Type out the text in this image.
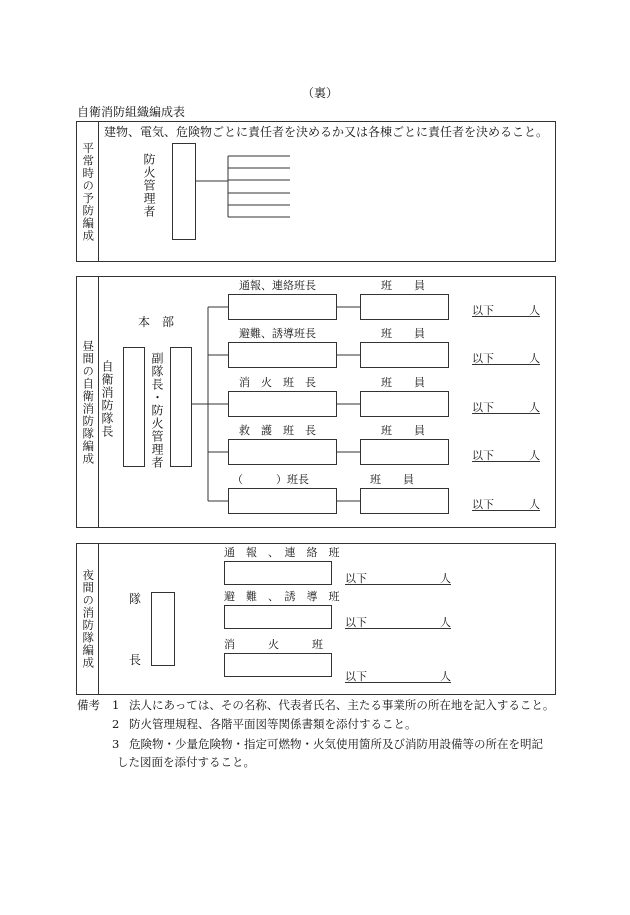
（裏）
自衛消防組織編成表
平常時の予防編成
建物、電気、危険物ごとに責任者を決めるか又は各棟ごとに責任者を決めること。
防火管理者
昼間の自衛消防隊編成
本　部
自衛消防隊長	副隊長・防火管理者
通報、連絡班長	班　　員
以下	人
避難、誘導班長	班　　員
以下	人
消　火　班　長	班　　員
以下	人
救　護　班　長	班　　員
以下	人
（　　　）班長	班　　員
以下	人
夜間の消防隊編成	隊
長
通　報　、　連　絡　班
以下	人
避　難　、　誘　導　班
以下	人
消　　　火　　　班
以下	人
備考 1 法人にあっては、その名称、代表者氏名、主たる事業所の所在地を記入すること。
2 防火管理規程、各階平面図等関係書類を添付すること。
3 危険物・少量危険物・指定可燃物・火気使用箇所及び消防用設備等の所在を明記
した図面を添付すること。
